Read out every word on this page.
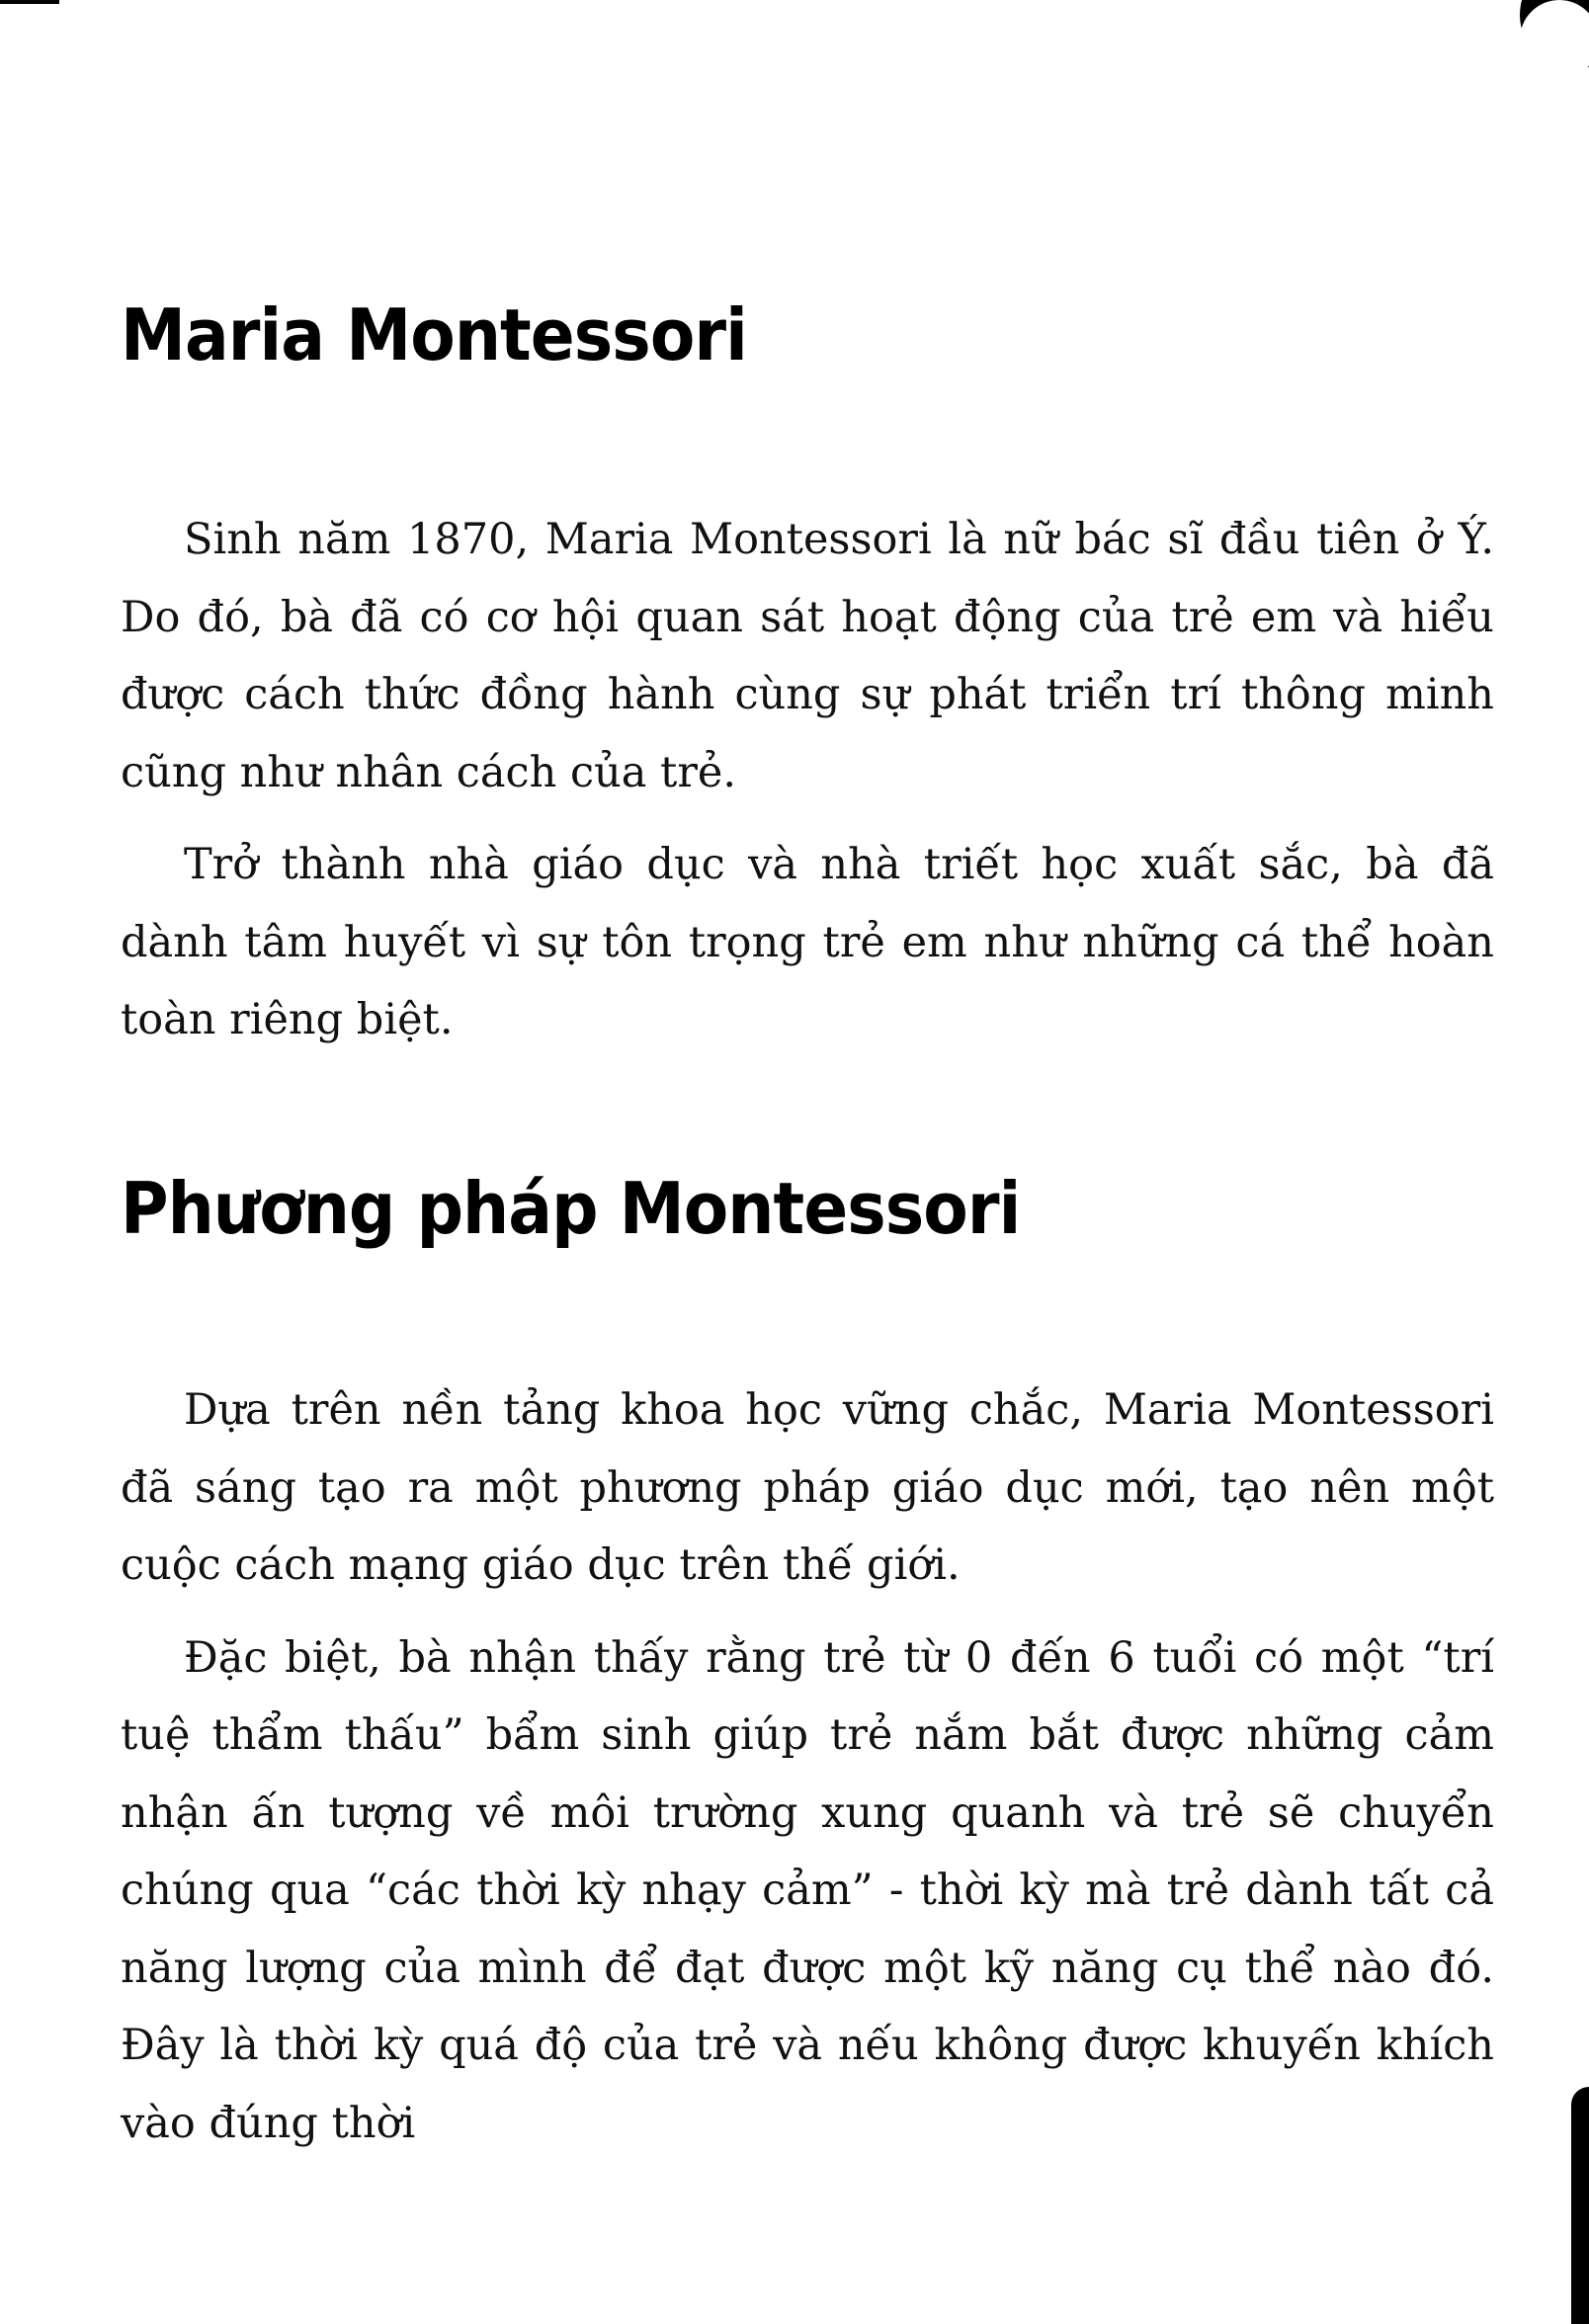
Maria Montessori

Sinh năm 1870, Maria Montessori là nữ bác sĩ đầu tiên ở Ý. Do đó, bà đã có cơ hội quan sát hoạt động của trẻ em và hiểu được cách thức đồng hành cùng sự phát triển trí thông minh cũng như nhân cách của trẻ.

Trở thành nhà giáo dục và nhà triết học xuất sắc, bà đã dành tâm huyết vì sự tôn trọng trẻ em như những cá thể hoàn toàn riêng biệt.

Phương pháp Montessori

Dựa trên nền tảng khoa học vững chắc, Maria Montessori đã sáng tạo ra một phương pháp giáo dục mới, tạo nên một cuộc cách mạng giáo dục trên thế giới.

Đặc biệt, bà nhận thấy rằng trẻ từ 0 đến 6 tuổi có một “trí tuệ thẩm thấu” bẩm sinh giúp trẻ nắm bắt được những cảm nhận ấn tượng về môi trường xung quanh và trẻ sẽ chuyển chúng qua “các thời kỳ nhạy cảm” - thời kỳ mà trẻ dành tất cả năng lượng của mình để đạt được một kỹ năng cụ thể nào đó. Đây là thời kỳ quá độ của trẻ và nếu không được khuyến khích vào đúng thời
